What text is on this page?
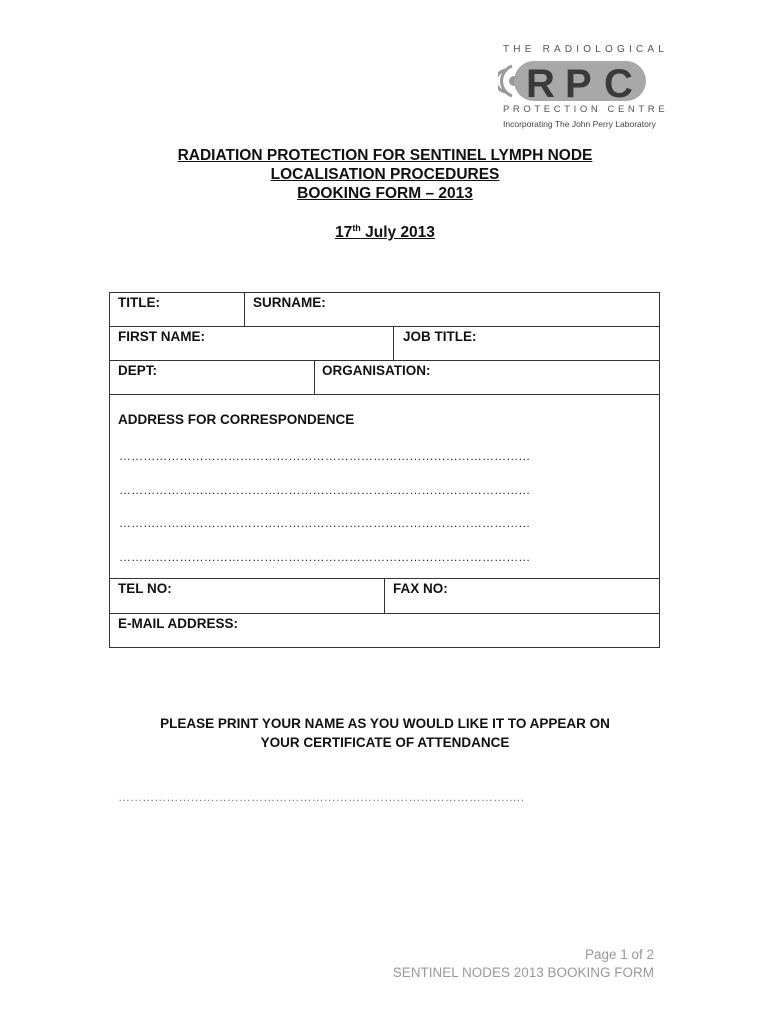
THE RADIOLOGICAL
R P C
PROTECTION CENTRE
Incorporating The John Perry Laboratory
RADIATION PROTECTION FOR SENTINEL LYMPH NODE
LOCALISATION PROCEDURES
BOOKING FORM – 2013
17th July 2013
TITLE:	SURNAME:
FIRST NAME:	JOB TITLE:
DEPT:	ORGANISATION:
ADDRESS FOR CORRESPONDENCE
…………………………………………………………………………………………
…………………………………………………………………………………………
…………………………………………………………………………………………
…………………………………………………………………………………………
TEL NO:	FAX NO:
E-MAIL ADDRESS:
PLEASE PRINT YOUR NAME AS YOU WOULD LIKE IT TO APPEAR ON
YOUR CERTIFICATE OF ATTENDANCE
…………………………………………………………………………………….….
Page 1 of 2
SENTINEL NODES 2013 BOOKING FORM
